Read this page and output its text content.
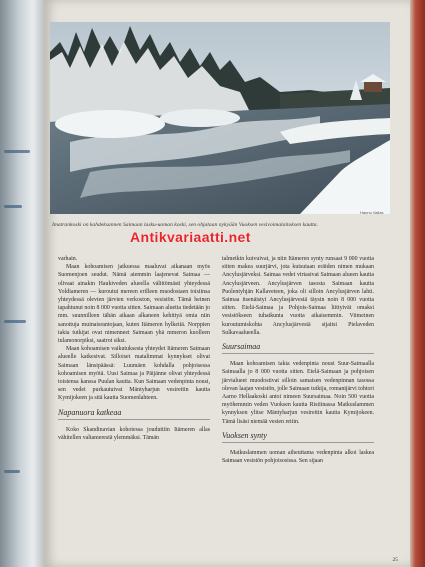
Hannu Vallas
Imatrankoski on kahdeksannen Saimaan lasku-uoman koski, sen ohjataan nykyään Vuoksen vesivoimalaitoksen kautta.
Antikvariaatti.net

varhain.

Maan kohoamisen jatkuessa maaluvat aikanaan myös Suomenjoen seudut. Nämä aiemmin laajenevat Saimaa — olivaat ainakin Haukiveden alueella välittömästi yhteydessä Yoldiameren — kuroutui mereen erilleen muodostaen toisiinsa yhteydessä olevien järvien verkoston, vesistön. Tämä heinen tapahtunut noin 8 000 vuotta sitten. Saimaan aluetta tiedetään jo mm. suunnilleen tähän aikaan alkaneen kehittyä omia niin sanottuja muinaisrantojaan, kuten Itämeren hylkeitä. Norppien takia tutkijat ovat nimenneet Saimaan yhä mmeron kuolleen tulamonorpiksi, saatrot siksi.

Maan kohoamisen vaikutuksesta yhteydet Itämeren Saimaan alueelle katkesivat. Silloiset matalimmat kynnykset olivat Saimaan länsipäässä: Luumäen kohdalla pohjoisessa kohoamisen myötä. Uusi Saimaa ja Päijänne olivat yhteydessä toistensa kanssa Puulan kautta. Kun Saimaan vedenpinta nousi, sen vedet purkautuivat Mäntyharjun vesireitin kautta Kymijokeen ja sitä kautta Suomenlahteen.

Napanuora katkeaa

Koko Skandinavian kohotessa jouduttiin Itämeren allas vähitellen valtamerestä ylemmäksi. Tämän

talmetkin kuivuivat, ja niin Itämeren synty runsaat 9 000 vuotta sitten makea suurjärvi, jota kutsutaan eräiden nimen mukaan Ancylusjärveksi. Saimaa vedet virtasivat Saimaan alueen kautta Ancylusjärveen. Ancylusjärven tasosta Saimaan kautta Puolentyhjän Kallaveteen, joka oli silloin Ancylusjärven lahti. Saimaa itsenäistyi Ancylusjärvestä täysin noin 8 000 vuotta sitten. Etelä-Saimaa ja Pohjois-Saimaa liittyivät omaksi vesistökseen tuhatkunta vuotta aikaisemmin. Viimeinen kuroutumiskohta Ancylusjärvestä sijaitsi Pielaveden Sulkavaalueella.

Suursaimaa

Maan kohoamisen takia vedenpinta nousi Suur-Saimaalla Saimaalla jo 8 000 vuotta sitten. Etelä-Saimaan ja pohjoisen järvialueet muodostivat silloin samaisen vedenpinnan tasossa olevan laajan vesistön, jolle Saimaan tutkija, romanijärvi tohtori Aarno Hellaakoski antoi nimeen Suursaimaa. Noin 500 vuotta myöhemmin veden Vuoksen kautta Ristiinassa Matkuslammen kynnyksen ylitse Mäntyharjun vesireitin kautta Kymijokeen. Tämä lisäsi niemää vesien reitin.

Vuoksen synty

Matkuslammen uoman aiheuttama vedenpinta alkoi laskea Saimaan vesistön pohjoisosissa. Sen sijaan

25
